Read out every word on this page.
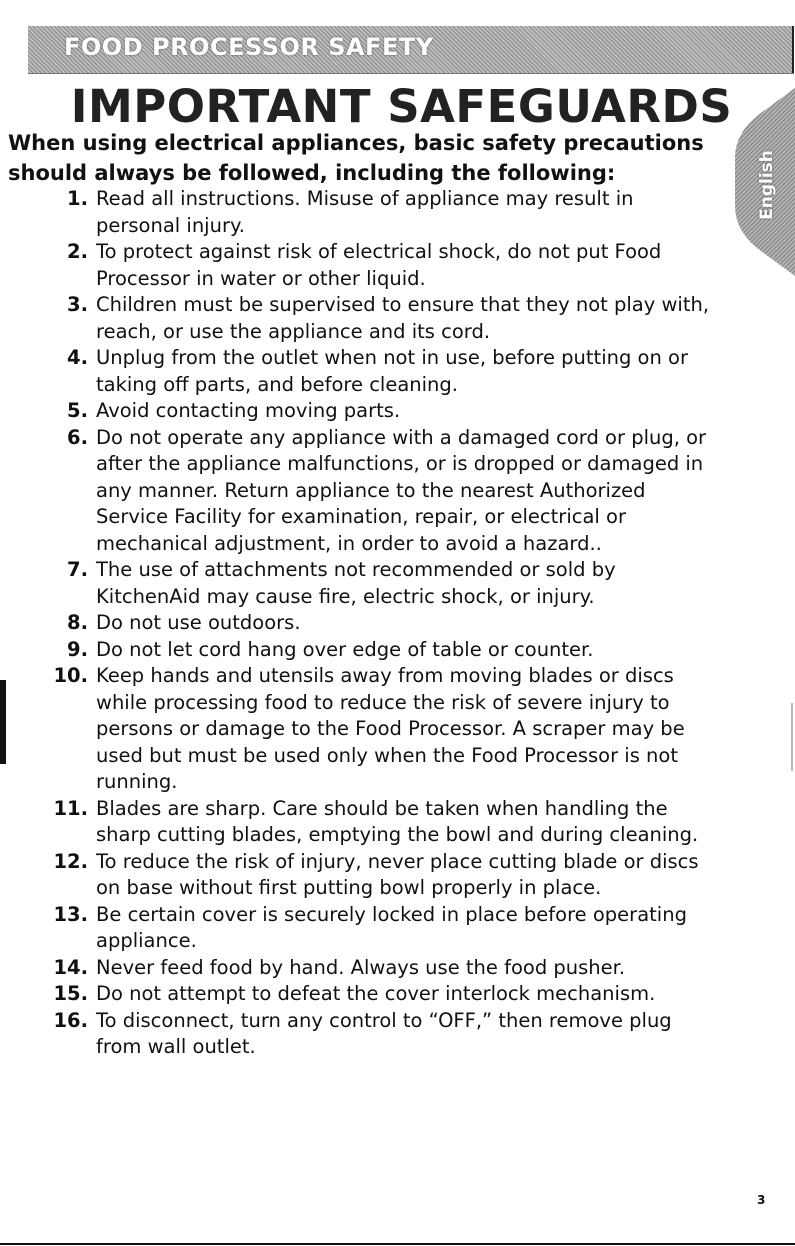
FOOD PROCESSOR SAFETY
IMPORTANT SAFEGUARDS
English

When using electrical appliances, basic safety precautions should always be followed, including the following:

1. Read all instructions. Misuse of appliance may result in personal injury.
2. To protect against risk of electrical shock, do not put Food Processor in water or other liquid.
3. Children must be supervised to ensure that they not play with, reach, or use the appliance and its cord.
4. Unplug from the outlet when not in use, before putting on or taking off parts, and before cleaning.
5. Avoid contacting moving parts.
6. Do not operate any appliance with a damaged cord or plug, or after the appliance malfunctions, or is dropped or damaged in any manner. Return appliance to the nearest Authorized Service Facility for examination, repair, or electrical or mechanical adjustment, in order to avoid a hazard..
7. The use of attachments not recommended or sold by KitchenAid may cause fire, electric shock, or injury.
8. Do not use outdoors.
9. Do not let cord hang over edge of table or counter.
10. Keep hands and utensils away from moving blades or discs while processing food to reduce the risk of severe injury to persons or damage to the Food Processor. A scraper may be used but must be used only when the Food Processor is not running.
11. Blades are sharp. Care should be taken when handling the sharp cutting blades, emptying the bowl and during cleaning.
12. To reduce the risk of injury, never place cutting blade or discs on base without first putting bowl properly in place.
13. Be certain cover is securely locked in place before operating appliance.
14. Never feed food by hand. Always use the food pusher.
15. Do not attempt to defeat the cover interlock mechanism.
16. To disconnect, turn any control to “OFF,” then remove plug from wall outlet.
3
